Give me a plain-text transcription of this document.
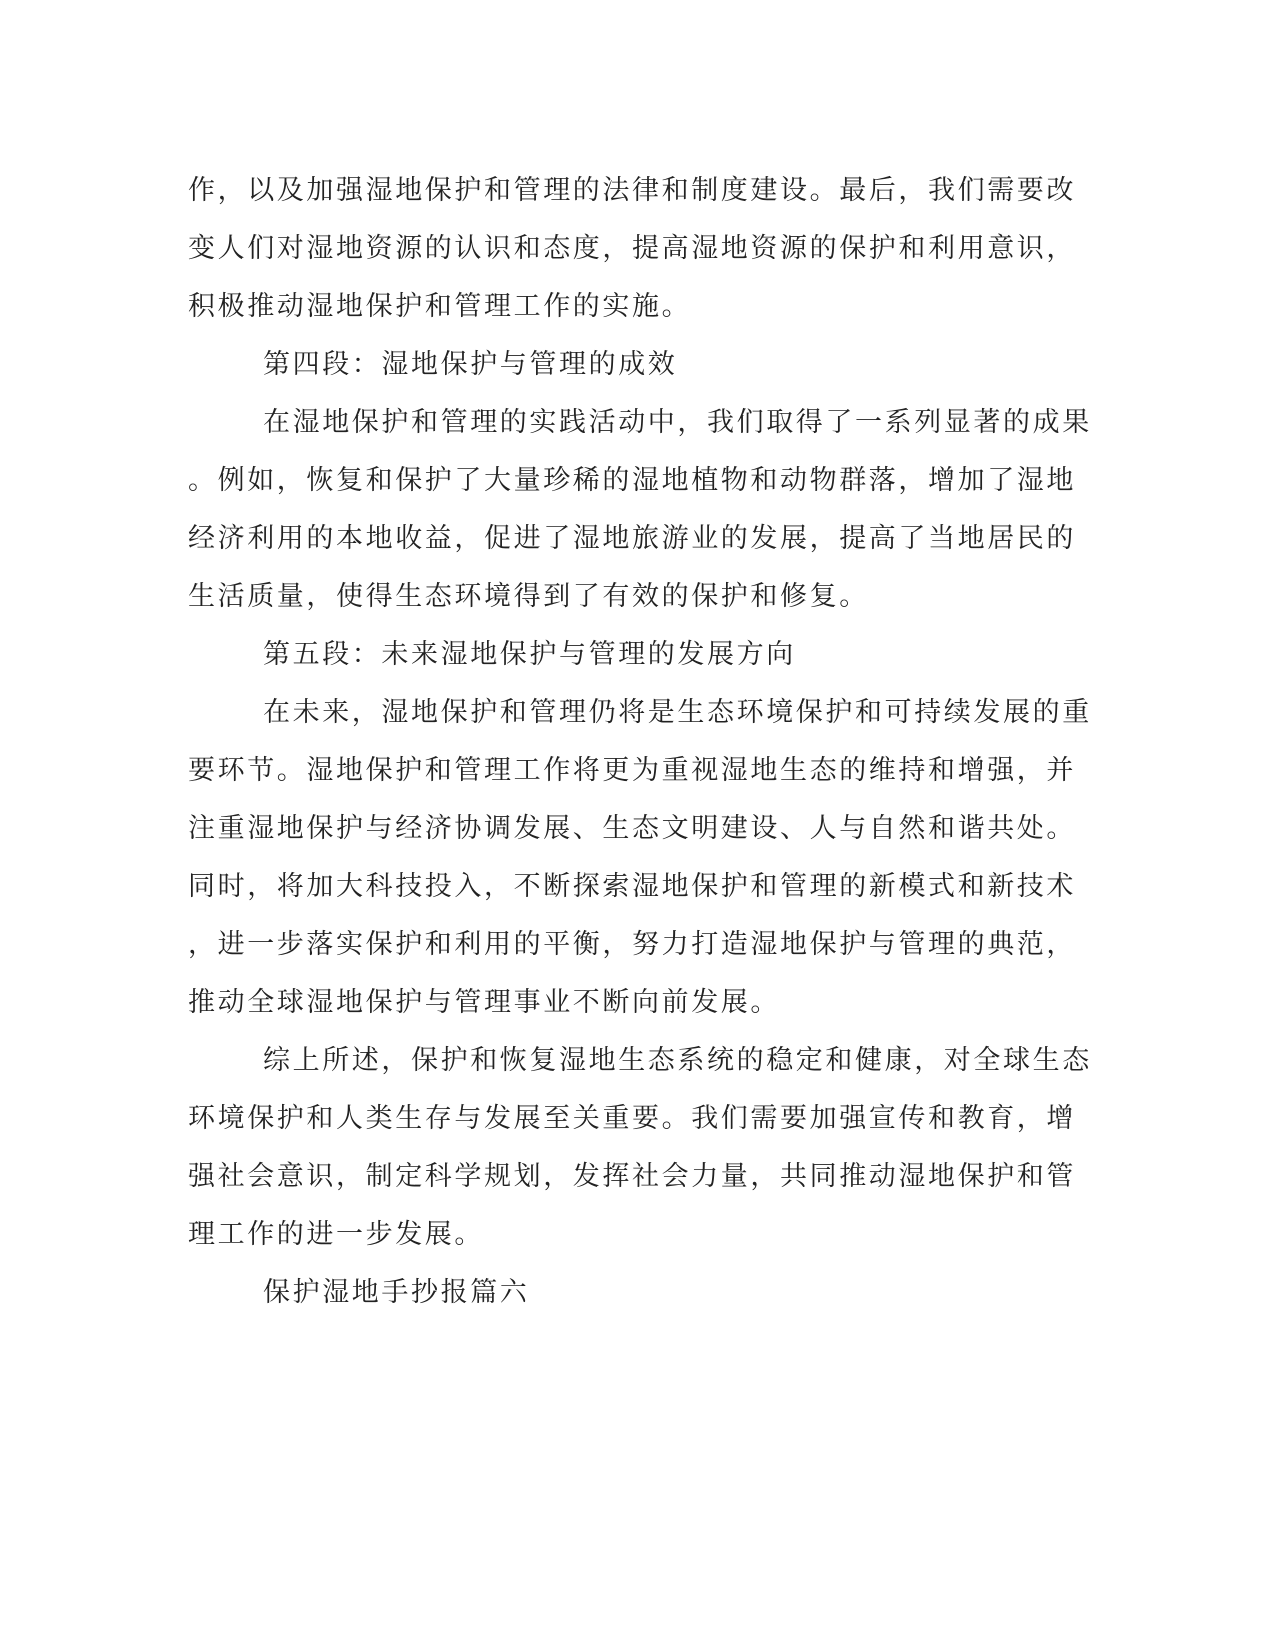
作，以及加强湿地保护和管理的法律和制度建设。最后，我们需要改
变人们对湿地资源的认识和态度，提高湿地资源的保护和利用意识，
积极推动湿地保护和管理工作的实施。
第四段：湿地保护与管理的成效
在湿地保护和管理的实践活动中，我们取得了一系列显著的成果
。例如，恢复和保护了大量珍稀的湿地植物和动物群落，增加了湿地
经济利用的本地收益，促进了湿地旅游业的发展，提高了当地居民的
生活质量，使得生态环境得到了有效的保护和修复。
第五段：未来湿地保护与管理的发展方向
在未来，湿地保护和管理仍将是生态环境保护和可持续发展的重
要环节。湿地保护和管理工作将更为重视湿地生态的维持和增强，并
注重湿地保护与经济协调发展、生态文明建设、人与自然和谐共处。
同时，将加大科技投入，不断探索湿地保护和管理的新模式和新技术
，进一步落实保护和利用的平衡，努力打造湿地保护与管理的典范，
推动全球湿地保护与管理事业不断向前发展。
综上所述，保护和恢复湿地生态系统的稳定和健康，对全球生态
环境保护和人类生存与发展至关重要。我们需要加强宣传和教育，增
强社会意识，制定科学规划，发挥社会力量，共同推动湿地保护和管
理工作的进一步发展。
保护湿地手抄报篇六
